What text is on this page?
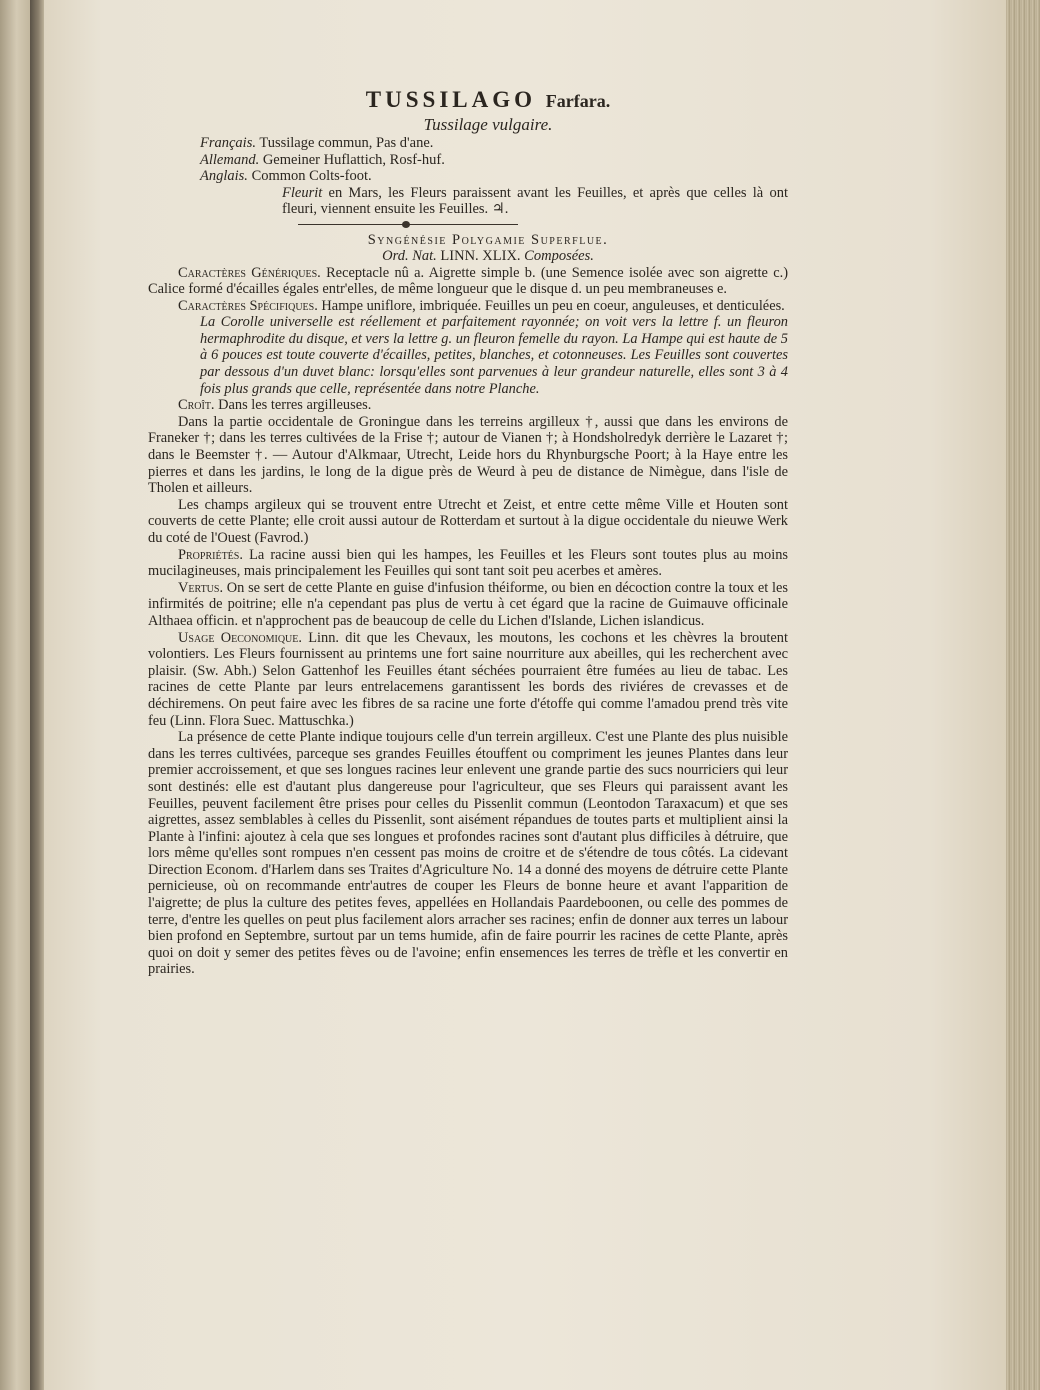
TUSSILAGO Farfara.
Tussilage vulgaire.
Français. Tussilage commun, Pas d'ane.
Allemand. Gemeiner Huflattich, Rosf-huf.
Anglais. Common Colts-foot.

Fleurit en Mars, les Fleurs paraissent avant les Feuilles, et après que celles là ont fleuri, viennent ensuite les Feuilles. ♃.

Syngénésie Polygamie Superflue.
Ord. Nat. LINN. XLIX. Composées.

Caractères Génériques. Receptacle nû a. Aigrette simple b. (une Semence isolée avec son aigrette c.) Calice formé d'écailles égales entr'elles, de même longueur que le disque d. un peu membraneuses e.

Caractères Spécifiques. Hampe uniflore, imbriquée. Feuilles un peu en coeur, anguleuses, et denticulées.

La Corolle universelle est réellement et parfaitement rayonnée; on voit vers la lettre f. un fleuron hermaphrodite du disque, et vers la lettre g. un fleuron femelle du rayon. La Hampe qui est haute de 5 à 6 pouces est toute couverte d'écailles, petites, blanches, et cotonneuses. Les Feuilles sont couvertes par dessous d'un duvet blanc: lorsqu'elles sont parvenues à leur grandeur naturelle, elles sont 3 à 4 fois plus grands que celle, représentée dans notre Planche.

Croît. Dans les terres argilleuses.

Dans la partie occidentale de Groningue dans les terreins argilleux †, aussi que dans les environs de Franeker †; dans les terres cultivées de la Frise †; autour de Vianen †; à Hondsholredyk derrière le Lazaret †; dans le Beemster †. — Autour d'Alkmaar, Utrecht, Leide hors du Rhynburgsche Poort; à la Haye entre les pierres et dans les jardins, le long de la digue près de Weurd à peu de distance de Nimègue, dans l'isle de Tholen et ailleurs.

Les champs argileux qui se trouvent entre Utrecht et Zeist, et entre cette même Ville et Houten sont couverts de cette Plante; elle croit aussi autour de Rotterdam et surtout à la digue occidentale du nieuwe Werk du coté de l'Ouest (Favrod.)

Propriétés. La racine aussi bien qui les hampes, les Feuilles et les Fleurs sont toutes plus au moins mucilagineuses, mais principalement les Feuilles qui sont tant soit peu acerbes et amères.

Vertus. On se sert de cette Plante en guise d'infusion théiforme, ou bien en décoction contre la toux et les infirmités de poitrine; elle n'a cependant pas plus de vertu à cet égard que la racine de Guimauve officinale Althaea officin. et n'approchent pas de beaucoup de celle du Lichen d'Islande, Lichen islandicus.

Usage Oeconomique. Linn. dit que les Chevaux, les moutons, les cochons et les chèvres la broutent volontiers. Les Fleurs fournissent au printems une fort saine nourriture aux abeilles, qui les recherchent avec plaisir. (Sw. Abh.) Selon Gattenhof les Feuilles étant séchées pourraient être fumées au lieu de tabac. Les racines de cette Plante par leurs entrelacemens garantissent les bords des riviéres de crevasses et de déchiremens. On peut faire avec les fibres de sa racine une forte d'étoffe qui comme l'amadou prend très vite feu (Linn. Flora Suec. Mattuschka.)

La présence de cette Plante indique toujours celle d'un terrein argilleux. C'est une Plante des plus nuisible dans les terres cultivées, parceque ses grandes Feuilles étouffent ou compriment les jeunes Plantes dans leur premier accroissement, et que ses longues racines leur enlevent une grande partie des sucs nourriciers qui leur sont destinés: elle est d'autant plus dangereuse pour l'agriculteur, que ses Fleurs qui paraissent avant les Feuilles, peuvent facilement être prises pour celles du Pissenlit commun (Leontodon Taraxacum) et que ses aigrettes, assez semblables à celles du Pissenlit, sont aisément répandues de toutes parts et multiplient ainsi la Plante à l'infini: ajoutez à cela que ses longues et profondes racines sont d'autant plus difficiles à détruire, que lors même qu'elles sont rompues n'en cessent pas moins de croitre et de s'étendre de tous côtés. La cidevant Direction Econom. d'Harlem dans ses Traites d'Agriculture No. 14 a donné des moyens de détruire cette Plante pernicieuse, où on recommande entr'autres de couper les Fleurs de bonne heure et avant l'apparition de l'aigrette; de plus la culture des petites feves, appellées en Hollandais Paardeboonen, ou celle des pommes de terre, d'entre les quelles on peut plus facilement alors arracher ses racines; enfin de donner aux terres un labour bien profond en Septembre, surtout par un tems humide, afin de faire pourrir les racines de cette Plante, après quoi on doit y semer des petites fèves ou de l'avoine; enfin ensemences les terres de trèfle et les convertir en prairies.
